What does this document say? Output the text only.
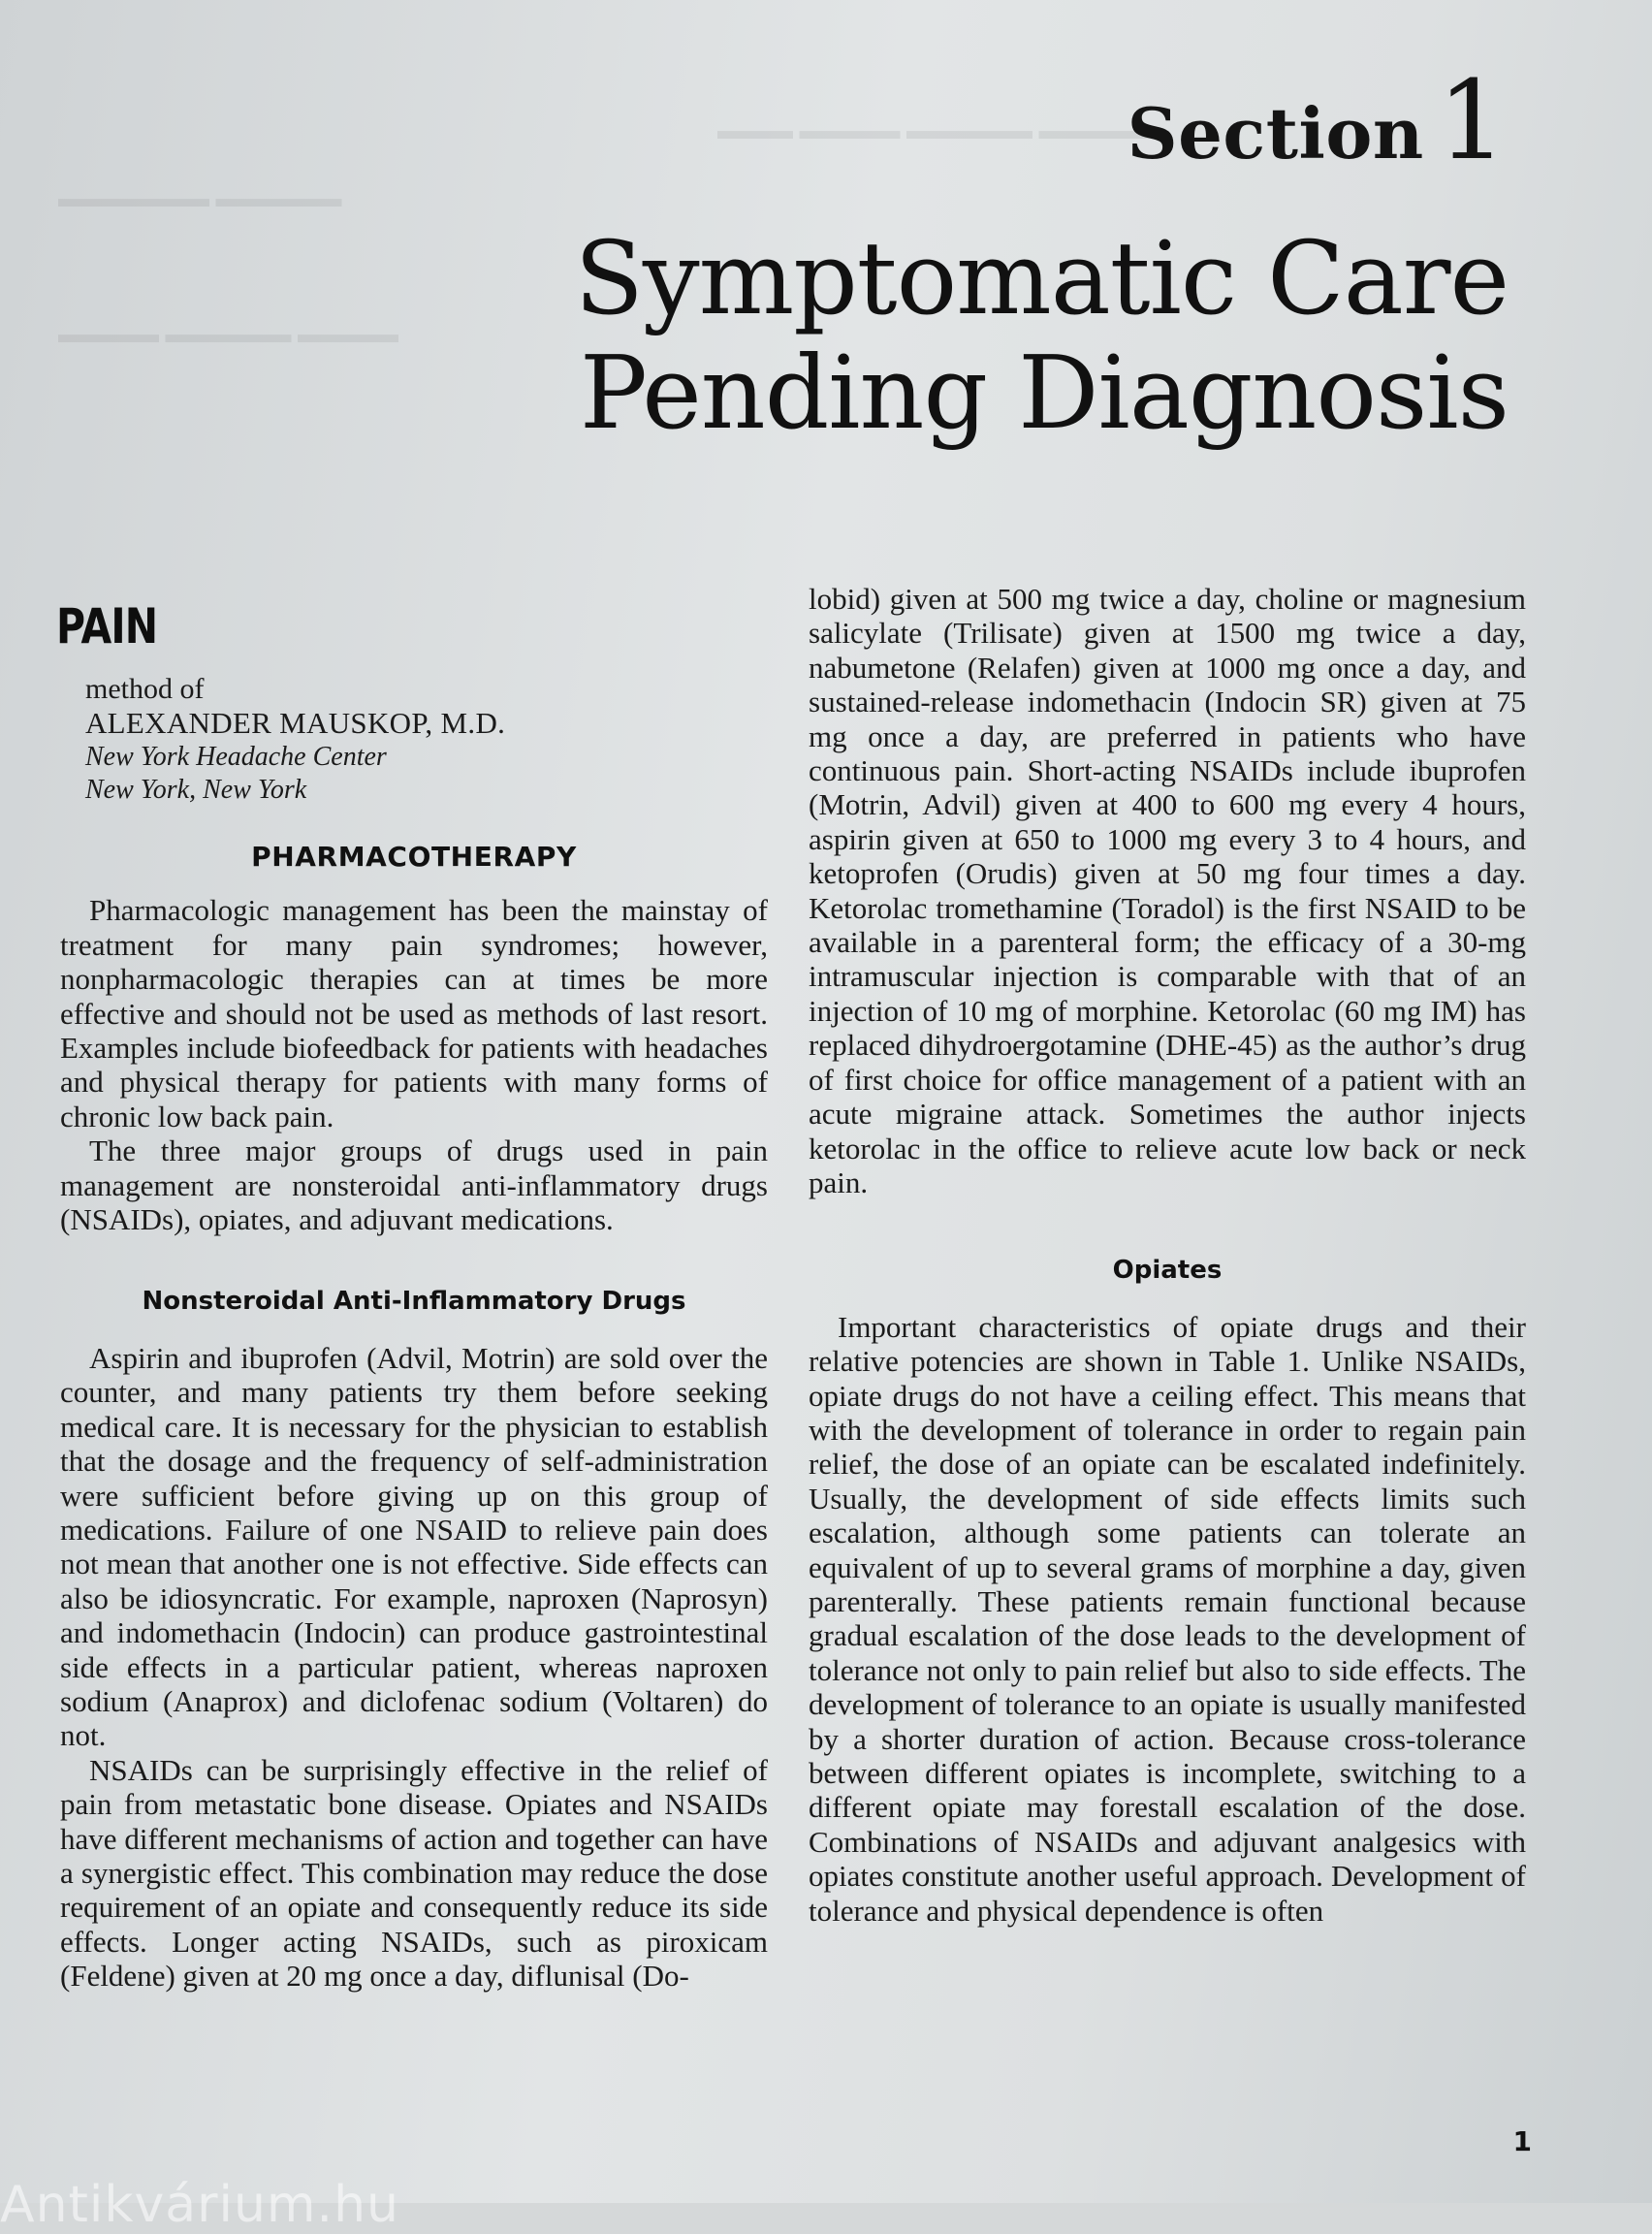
▬▬▬ ▬▬▬▬ ▬▬▬▬▬ ▬▬▬▬▬
▬▬▬▬▬▬ ▬▬▬▬▬
▬▬▬▬ ▬▬▬▬▬ ▬▬▬▬
Section 1
Symptomatic Care
Pending Diagnosis
PAIN
method of
ALEXANDER MAUSKOP, M.D.
New York Headache Center
New York, New York
PHARMACOTHERAPY

Pharmacologic management has been the mainstay of treatment for many pain syndromes; however, nonpharmacologic therapies can at times be more effective and should not be used as methods of last resort. Examples include biofeedback for patients with headaches and physical therapy for patients with many forms of chronic low back pain.

The three major groups of drugs used in pain management are nonsteroidal anti-inflammatory drugs (NSAIDs), opiates, and adjuvant medications.

Nonsteroidal Anti-Inflammatory Drugs

Aspirin and ibuprofen (Advil, Motrin) are sold over the counter, and many patients try them before seeking medical care. It is necessary for the physician to establish that the dosage and the frequency of self-administration were sufficient before giving up on this group of medications. Failure of one NSAID to relieve pain does not mean that another one is not effective. Side effects can also be idiosyncratic. For example, naproxen (Naprosyn) and indomethacin (Indocin) can produce gastrointestinal side effects in a particular patient, whereas naproxen sodium (Anaprox) and diclofenac sodium (Voltaren) do not.

NSAIDs can be surprisingly effective in the relief of pain from metastatic bone disease. Opiates and NSAIDs have different mechanisms of action and together can have a synergistic effect. This combination may reduce the dose requirement of an opiate and consequently reduce its side effects. Longer acting NSAIDs, such as piroxicam (Feldene) given at 20 mg once a day, diflunisal (Do-

lobid) given at 500 mg twice a day, choline or magnesium salicylate (Trilisate) given at 1500 mg twice a day, nabumetone (Relafen) given at 1000 mg once a day, and sustained-release indomethacin (Indocin SR) given at 75 mg once a day, are preferred in patients who have continuous pain. Short-acting NSAIDs include ibuprofen (Motrin, Advil) given at 400 to 600 mg every 4 hours, aspirin given at 650 to 1000 mg every 3 to 4 hours, and ketoprofen (Orudis) given at 50 mg four times a day. Ketorolac tromethamine (Toradol) is the first NSAID to be available in a parenteral form; the efficacy of a 30-mg intramuscular injection is comparable with that of an injection of 10 mg of morphine. Ketorolac (60 mg IM) has replaced dihydroergotamine (DHE-45) as the author’s drug of first choice for office management of a patient with an acute migraine attack. Sometimes the author injects ketorolac in the office to relieve acute low back or neck pain.

Opiates

Important characteristics of opiate drugs and their relative potencies are shown in Table 1. Unlike NSAIDs, opiate drugs do not have a ceiling effect. This means that with the development of tolerance in order to regain pain relief, the dose of an opiate can be escalated indefinitely. Usually, the development of side effects limits such escalation, although some patients can tolerate an equivalent of up to several grams of morphine a day, given parenterally. These patients remain functional because gradual escalation of the dose leads to the development of tolerance not only to pain relief but also to side effects. The development of tolerance to an opiate is usually manifested by a shorter duration of action. Because cross-tolerance between different opiates is incomplete, switching to a different opiate may forestall escalation of the dose. Combinations of NSAIDs and adjuvant analgesics with opiates constitute another useful approach. Development of tolerance and physical dependence is often

1
Antikvárium.hu
